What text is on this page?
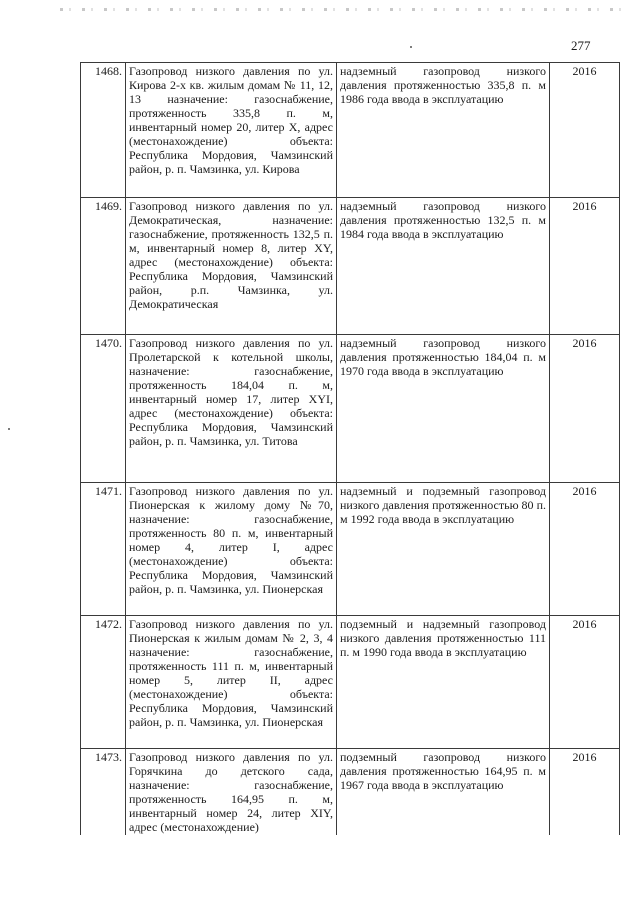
277
1468.	Газопровод низкого давления по ул. Кирова 2-х кв. жилым домам № 11, 12, 13 назначение: газоснабжение, протяженность 335,8 п. м, инвентарный номер 20, литер Х, адрес (местонахождение) объекта: Республика Мордовия, Чамзинский район, р. п. Чамзинка, ул. Кирова	надземный газопровод низкого давления протяженностью 335,8 п. м 1986 года ввода в эксплуатацию	2016
1469.	Газопровод низкого давления по ул. Демократическая, назначение: газоснабжение, протяженность 132,5 п. м, инвентарный номер 8, литер XY, адрес (местонахождение) объекта: Республика Мордовия, Чамзинский район, р.п. Чамзинка, ул. Демократическая	надземный газопровод низкого давления протяженностью 132,5 п. м 1984 года ввода в эксплуатацию	2016
1470.	Газопровод низкого давления по ул. Пролетарской к котельной школы, назначение: газоснабжение, протяженность 184,04 п. м, инвентарный номер 17, литер XYI, адрес (местонахождение) объекта: Республика Мордовия, Чамзинский район, р. п. Чамзинка, ул. Титова	надземный газопровод низкого давления протяженностью 184,04 п. м 1970 года ввода в эксплуатацию	2016
1471.	Газопровод низкого давления по ул. Пионерская к жилому дому №70, назначение: газоснабжение, протяженность 80 п. м, инвентарный номер 4, литер I, адрес (местонахождение) объекта: Республика Мордовия, Чамзинский район, р. п. Чамзинка, ул. Пионерская	надземный и подземный газопровод низкого давления протяженностью 80 п. м 1992 года ввода в эксплуатацию	2016
1472.	Газопровод низкого давления по ул. Пионерская к жилым домам № 2, 3, 4 назначение: газоснабжение, протяженность 111 п. м, инвентарный номер 5, литер II, адрес (местонахождение) объекта: Республика Мордовия, Чамзинский район, р. п. Чамзинка, ул. Пионерская	подземный и надземный газопровод низкого давления протяженностью 111 п. м 1990 года ввода в эксплуатацию	2016
1473.	Газопровод низкого давления по ул. Горячкина до детского сада, назначение: газоснабжение, протяженность 164,95 п. м, инвентарный номер 24, литер XIY, адрес (местонахождение)	подземный газопровод низкого давления протяженностью 164,95 п. м 1967 года ввода в эксплуатацию	2016
